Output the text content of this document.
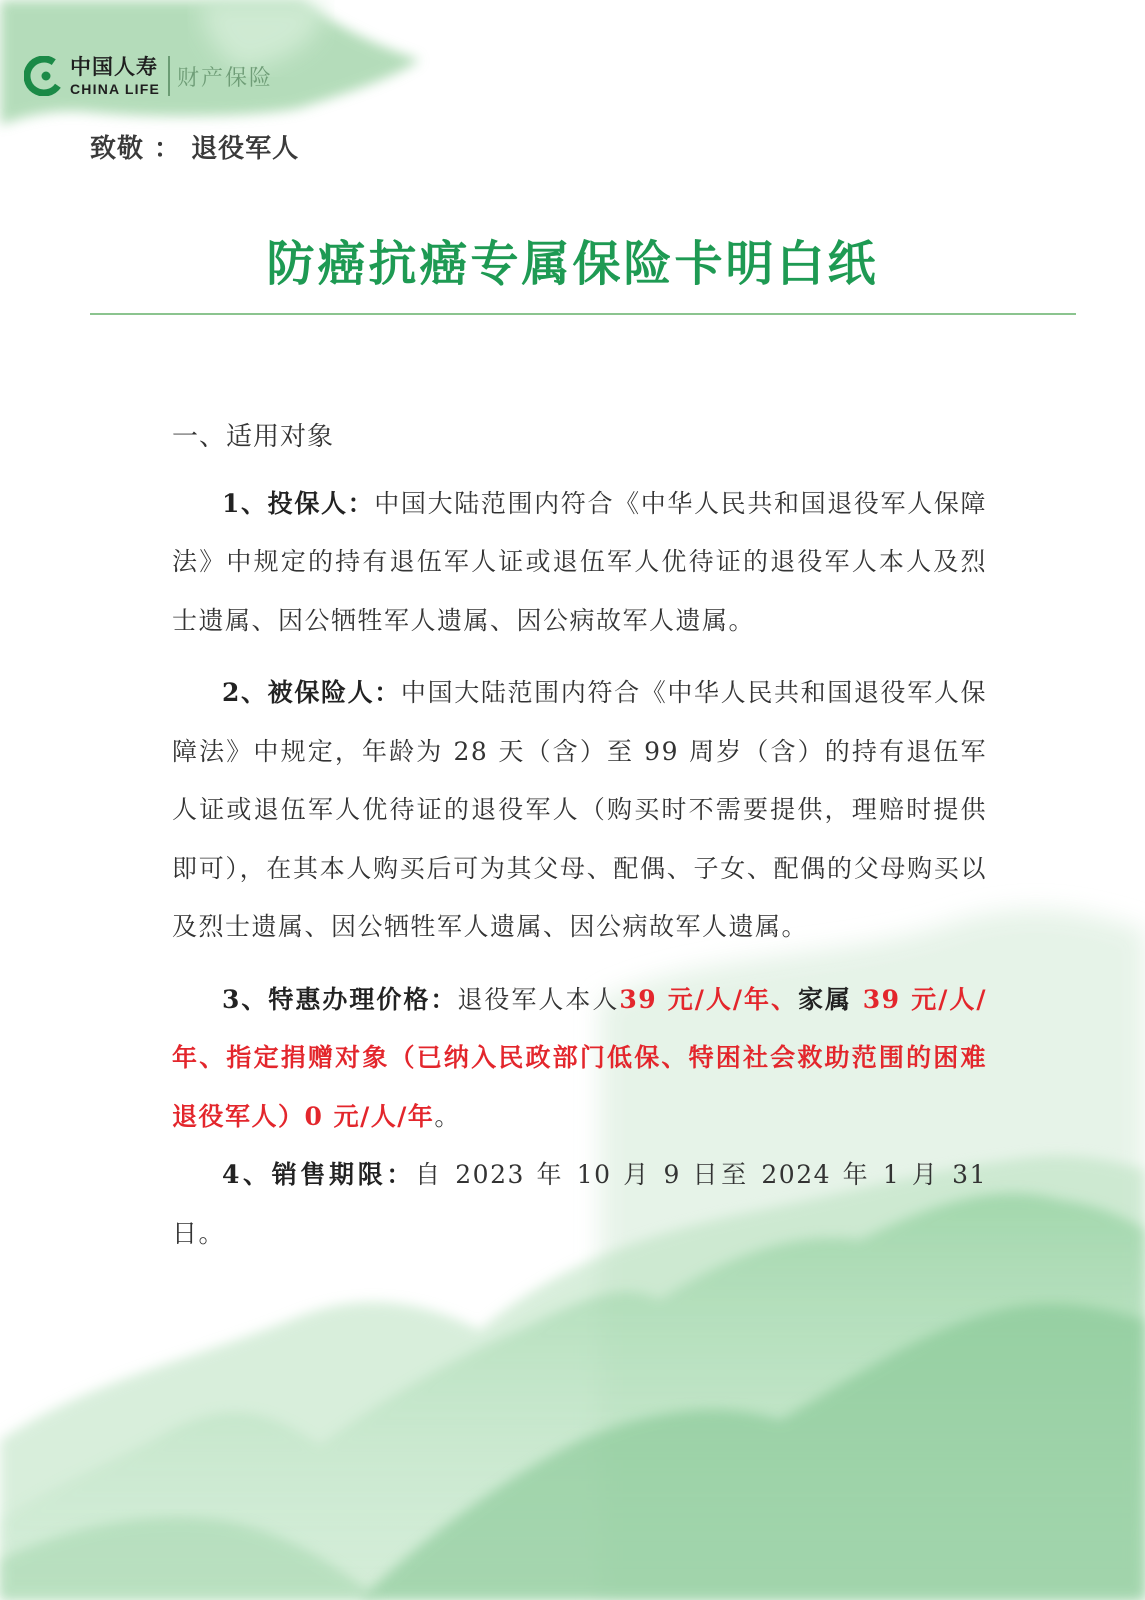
中国人寿
CHINA LIFE 财产保险
致敬 ： 退役军人
防癌抗癌专属保险卡明白纸

一、适用对象

1、投保人：中国大陆范围内符合《中华人民共和国退役军人保障法》中规定的持有退伍军人证或退伍军人优待证的退役军人本人及烈士遗属、因公牺牲军人遗属、因公病故军人遗属。

2、被保险人：中国大陆范围内符合《中华人民共和国退役军人保障法》中规定，年龄为 28 天（含）至 99 周岁（含）的持有退伍军人证或退伍军人优待证的退役军人（购买时不需要提供，理赔时提供即可），在其本人购买后可为其父母、配偶、子女、配偶的父母购买以及烈士遗属、因公牺牲军人遗属、因公病故军人遗属。

3、特惠办理价格：退役军人本人39 元/人/年、家属 39 元/人/年、指定捐赠对象（已纳入民政部门低保、特困社会救助范围的困难退役军人）0 元/人/年。

4、销售期限：自 2023 年 10 月 9 日至 2024 年 1 月 31 日。
